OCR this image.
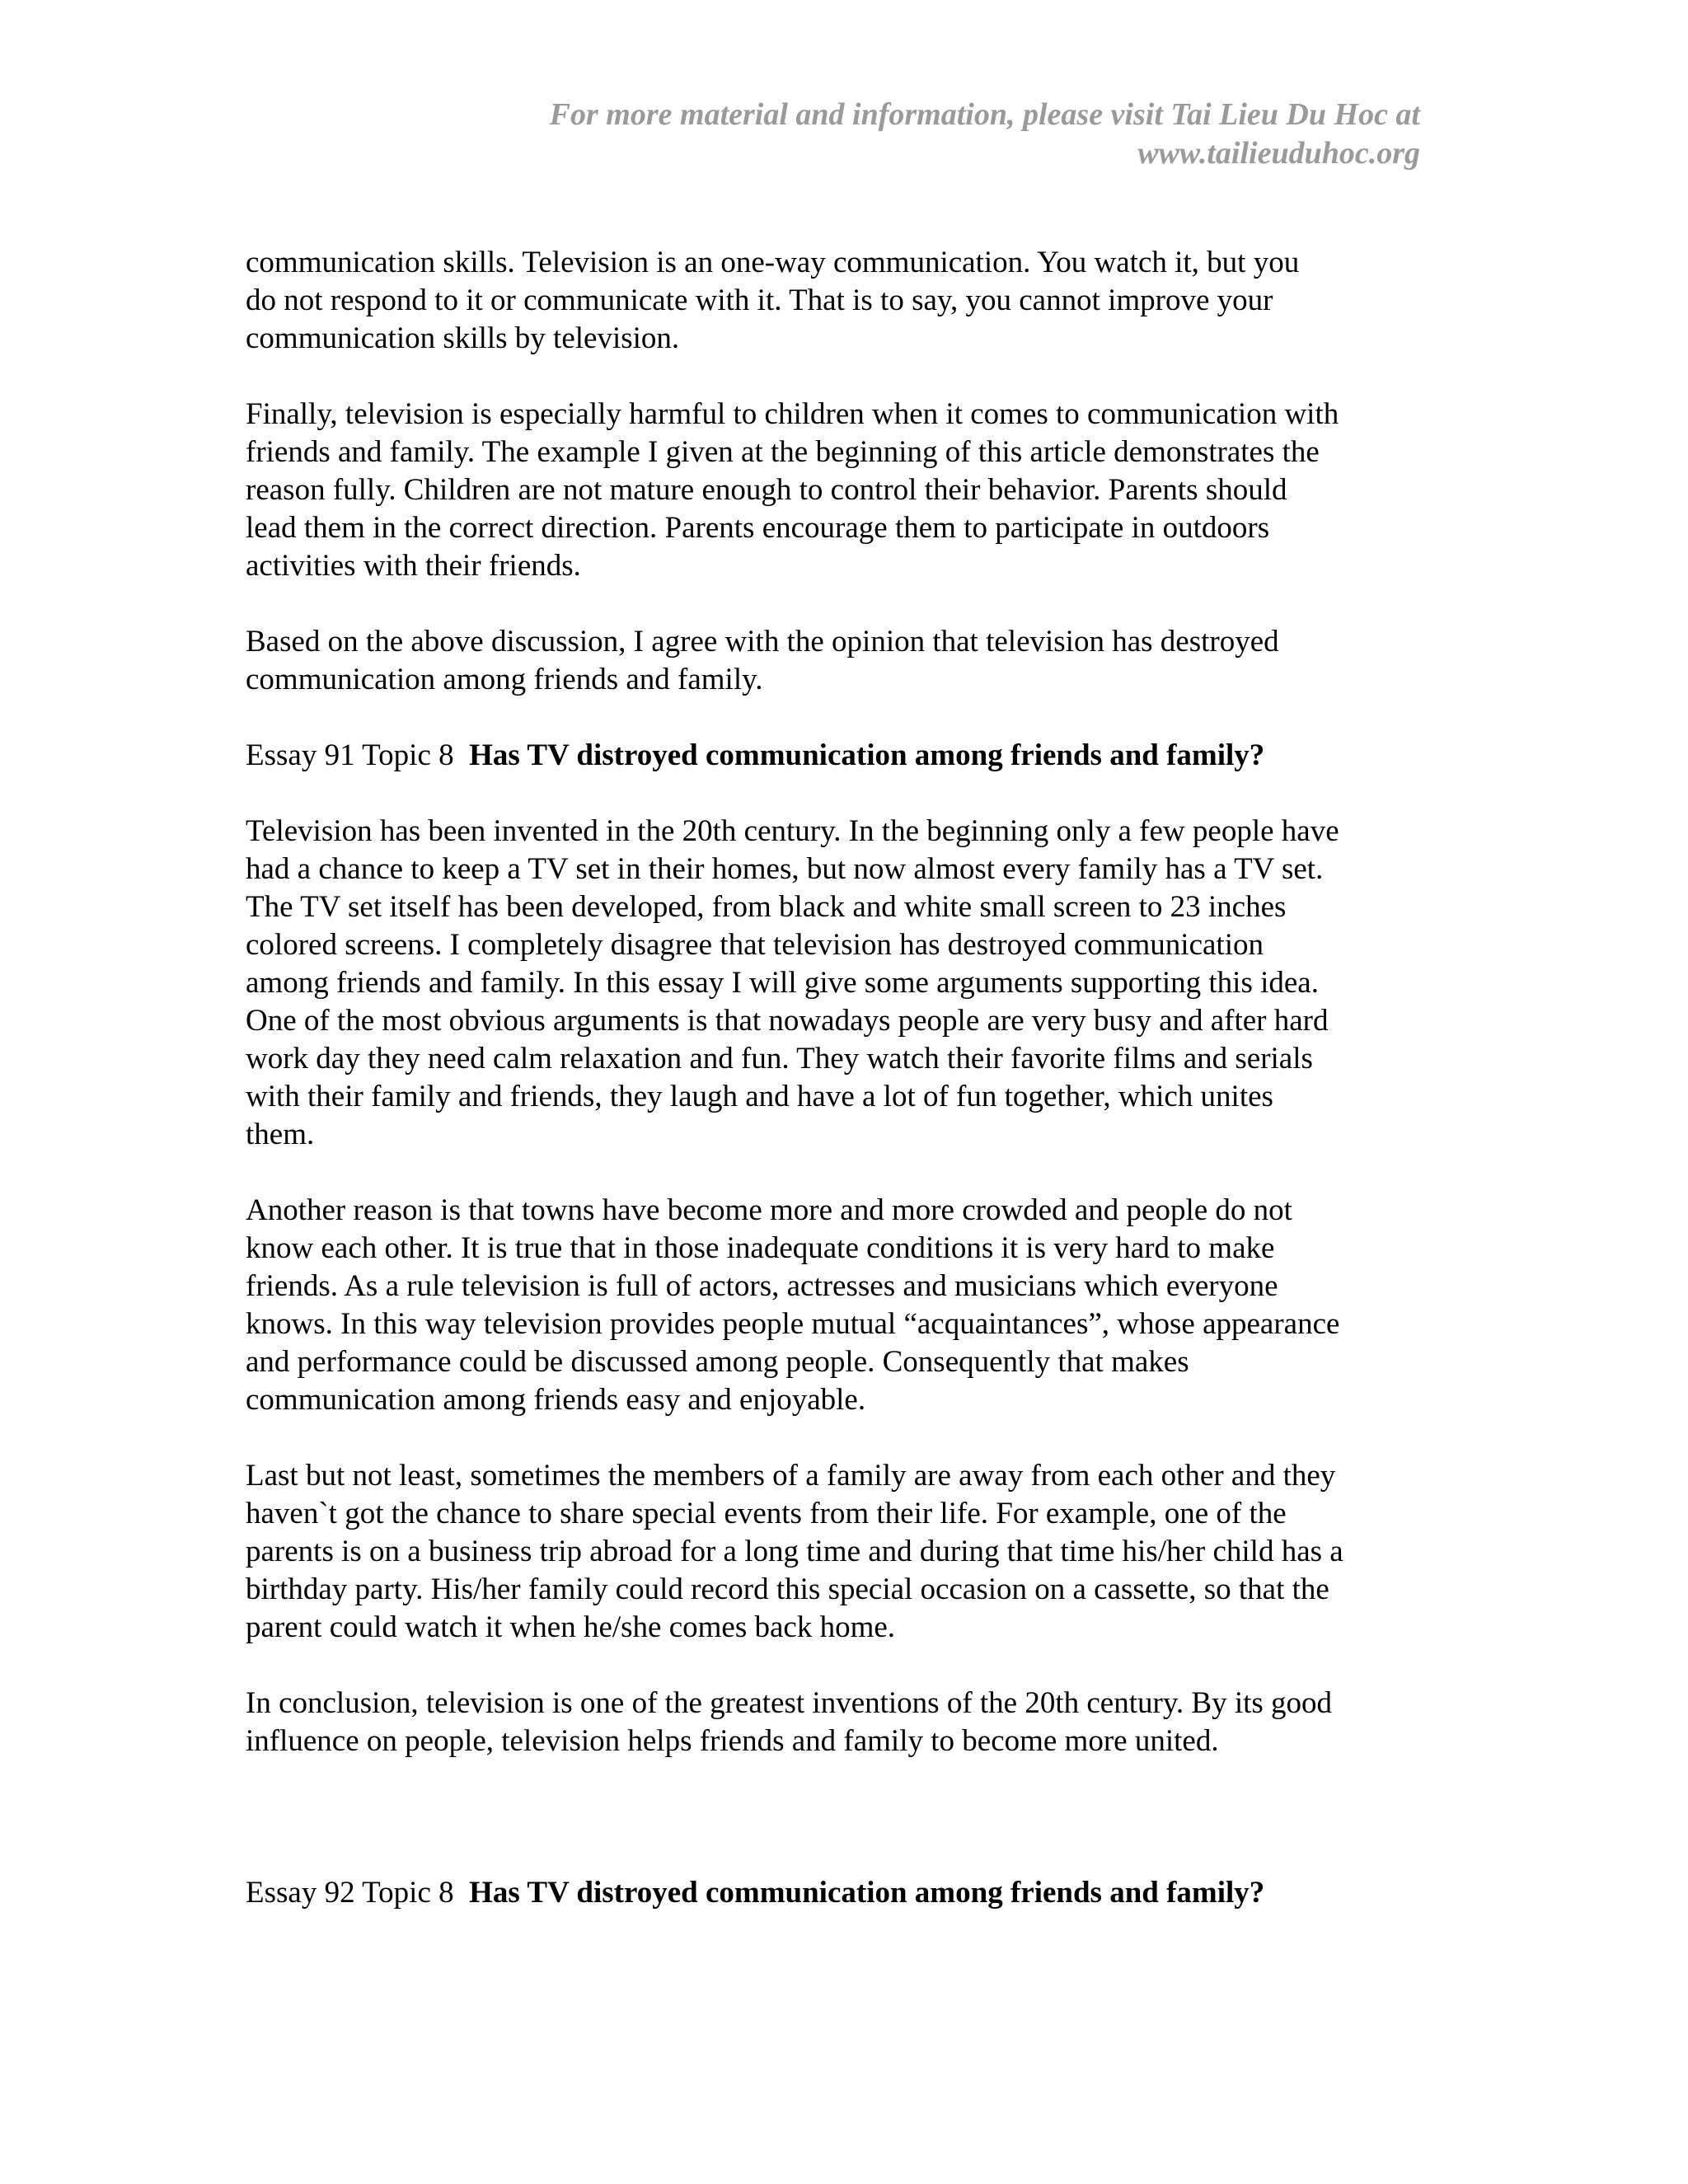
For more material and information, please visit Tai Lieu Du Hoc at
www.tailieuduhoc.org
communication skills. Television is an one-way communication. You watch it, but you
do not respond to it or communicate with it. That is to say, you cannot improve your
communication skills by television.
Finally, television is especially harmful to children when it comes to communication with
friends and family. The example I given at the beginning of this article demonstrates the
reason fully. Children are not mature enough to control their behavior. Parents should
lead them in the correct direction. Parents encourage them to participate in outdoors
activities with their friends.
Based on the above discussion, I agree with the opinion that television has destroyed
communication among friends and family.
Essay 91 Topic 8 Has TV distroyed communication among friends and family?
Television has been invented in the 20th century. In the beginning only a few people have
had a chance to keep a TV set in their homes, but now almost every family has a TV set.
The TV set itself has been developed, from black and white small screen to 23 inches
colored screens. I completely disagree that television has destroyed communication
among friends and family. In this essay I will give some arguments supporting this idea.
One of the most obvious arguments is that nowadays people are very busy and after hard
work day they need calm relaxation and fun. They watch their favorite films and serials
with their family and friends, they laugh and have a lot of fun together, which unites
them.
Another reason is that towns have become more and more crowded and people do not
know each other. It is true that in those inadequate conditions it is very hard to make
friends. As a rule television is full of actors, actresses and musicians which everyone
knows. In this way television provides people mutual “acquaintances”, whose appearance
and performance could be discussed among people. Consequently that makes
communication among friends easy and enjoyable.
Last but not least, sometimes the members of a family are away from each other and they
haven`t got the chance to share special events from their life. For example, one of the
parents is on a business trip abroad for a long time and during that time his/her child has a
birthday party. His/her family could record this special occasion on a cassette, so that the
parent could watch it when he/she comes back home.
In conclusion, television is one of the greatest inventions of the 20th century. By its good
influence on people, television helps friends and family to become more united.
Essay 92 Topic 8 Has TV distroyed communication among friends and family?
